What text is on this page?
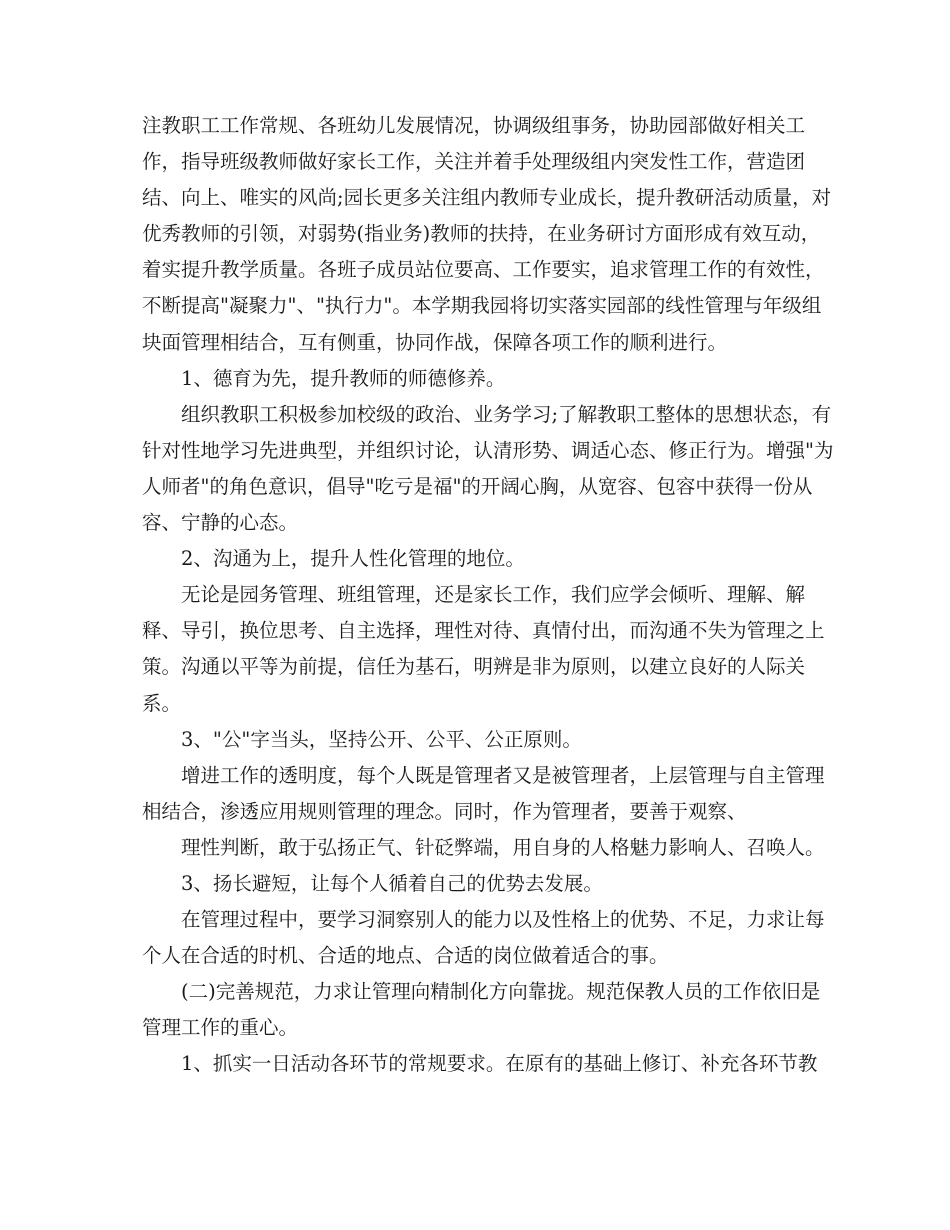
注教职工工作常规、各班幼儿发展情况，协调级组事务，协助园部做好相关工
作，指导班级教师做好家长工作，关注并着手处理级组内突发性工作，营造团
结、向上、唯实的风尚;园长更多关注组内教师专业成长，提升教研活动质量，对
优秀教师的引领，对弱势(指业务)教师的扶持，在业务研讨方面形成有效互动，
着实提升教学质量。各班子成员站位要高、工作要实，追求管理工作的有效性，
不断提高"凝聚力"、"执行力"。本学期我园将切实落实园部的线性管理与年级组
块面管理相结合，互有侧重，协同作战，保障各项工作的顺利进行。
1、德育为先，提升教师的师德修养。
组织教职工积极参加校级的政治、业务学习;了解教职工整体的思想状态，有
针对性地学习先进典型，并组织讨论，认清形势、调适心态、修正行为。增强"为
人师者"的角色意识，倡导"吃亏是福"的开阔心胸，从宽容、包容中获得一份从
容、宁静的心态。
2、沟通为上，提升人性化管理的地位。
无论是园务管理、班组管理，还是家长工作，我们应学会倾听、理解、解
释、导引，换位思考、自主选择，理性对待、真情付出，而沟通不失为管理之上
策。沟通以平等为前提，信任为基石，明辨是非为原则，以建立良好的人际关
系。
3、"公"字当头，坚持公开、公平、公正原则。
增进工作的透明度，每个人既是管理者又是被管理者，上层管理与自主管理
相结合，渗透应用规则管理的理念。同时，作为管理者，要善于观察、
理性判断，敢于弘扬正气、针砭弊端，用自身的人格魅力影响人、召唤人。
3、扬长避短，让每个人循着自己的优势去发展。
在管理过程中，要学习洞察别人的能力以及性格上的优势、不足，力求让每
个人在合适的时机、合适的地点、合适的岗位做着适合的事。
(二)完善规范，力求让管理向精制化方向靠拢。规范保教人员的工作依旧是
管理工作的重心。
1、抓实一日活动各环节的常规要求。在原有的基础上修订、补充各环节教
